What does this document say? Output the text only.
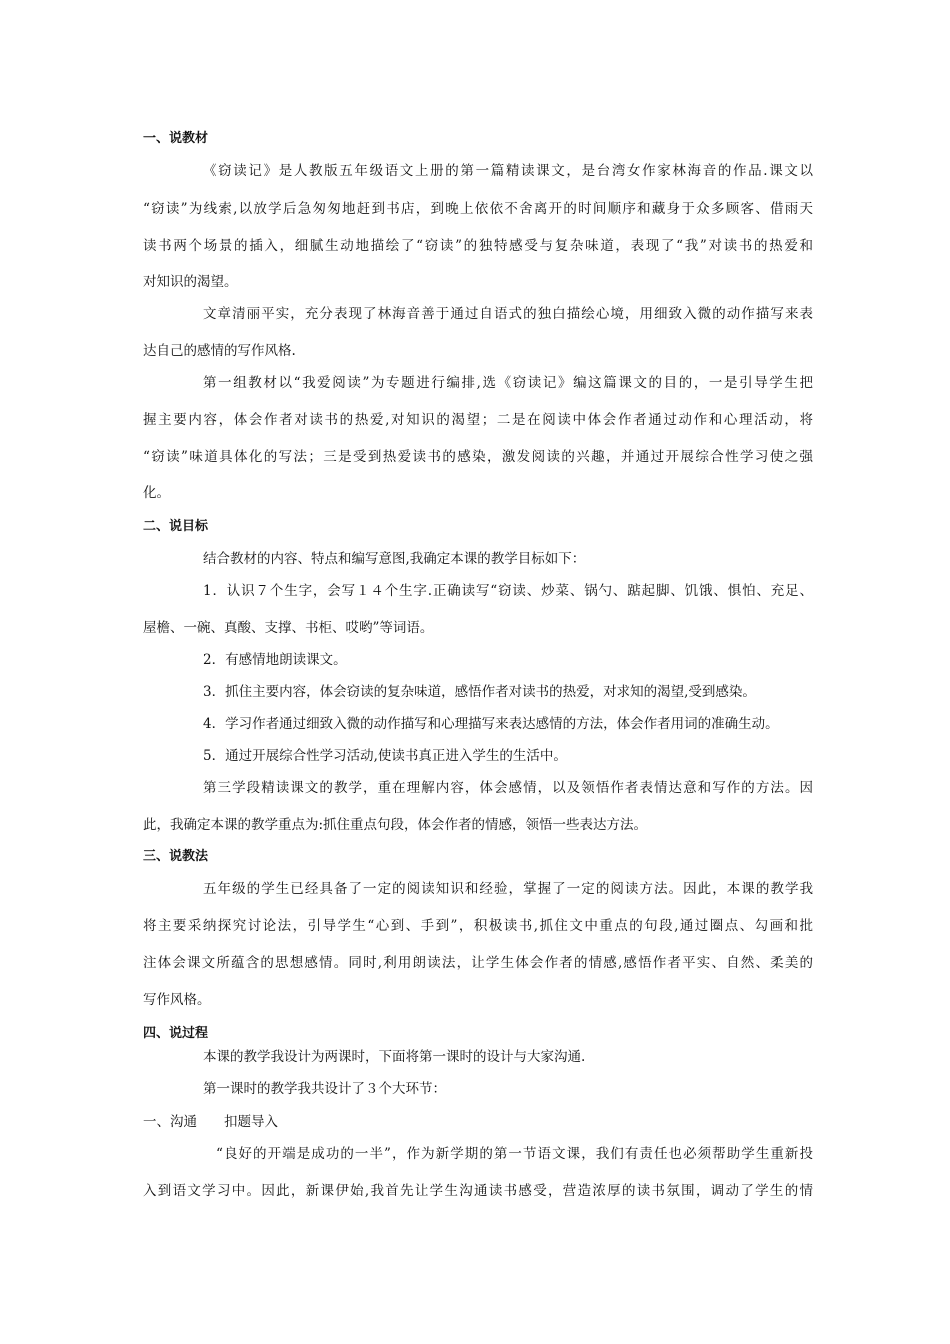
一、说教材
《窃读记》是人教版五年级语文上册的第一篇精读课文，是台湾女作家林海音的作品.课文以
“窃读”为线索,以放学后急匆匆地赶到书店，到晚上依依不舍离开的时间顺序和藏身于众多顾客、借雨天
读书两个场景的插入，细腻生动地描绘了“窃读”的独特感受与复杂味道，表现了“我”对读书的热爱和
对知识的渴望。
文章清丽平实，充分表现了林海音善于通过自语式的独白描绘心境，用细致入微的动作描写来表
达自己的感情的写作风格.
第一组教材以“我爱阅读”为专题进行编排,选《窃读记》编这篇课文的目的，一是引导学生把
握主要内容，体会作者对读书的热爱,对知识的渴望；二是在阅读中体会作者通过动作和心理活动，将
“窃读”味道具体化的写法；三是受到热爱读书的感染，激发阅读的兴趣，并通过开展综合性学习使之强
化。
二、说目标
结合教材的内容、特点和编写意图,我确定本课的教学目标如下：
1．认识７个生字，会写１４个生字.正确读写“窃读、炒菜、锅勺、踮起脚、饥饿、惧怕、充足、
屋檐、一碗、真酸、支撑、书柜、哎哟”等词语。
2．有感情地朗读课文。
3．抓住主要内容，体会窃读的复杂味道，感悟作者对读书的热爱，对求知的渴望,受到感染。
4．学习作者通过细致入微的动作描写和心理描写来表达感情的方法，体会作者用词的准确生动。
5．通过开展综合性学习活动,使读书真正进入学生的生活中。
第三学段精读课文的教学，重在理解内容，体会感情，以及领悟作者表情达意和写作的方法。因
此，我确定本课的教学重点为:抓住重点句段，体会作者的情感，领悟一些表达方法。
三、说教法
五年级的学生已经具备了一定的阅读知识和经验，掌握了一定的阅读方法。因此，本课的教学我
将主要采纳探究讨论法，引导学生“心到、手到”，积极读书,抓住文中重点的句段,通过圈点、勾画和批
注体会课文所蕴含的思想感情。同时,利用朗读法，让学生体会作者的情感,感悟作者平实、自然、柔美的
写作风格。
四、说过程
本课的教学我设计为两课时，下面将第一课时的设计与大家沟通.
第一课时的教学我共设计了３个大环节：
一、沟通　　扣题导入
“良好的开端是成功的一半”，作为新学期的第一节语文课，我们有责任也必须帮助学生重新投
入到语文学习中。因此，新课伊始,我首先让学生沟通读书感受，营造浓厚的读书氛围，调动了学生的情
